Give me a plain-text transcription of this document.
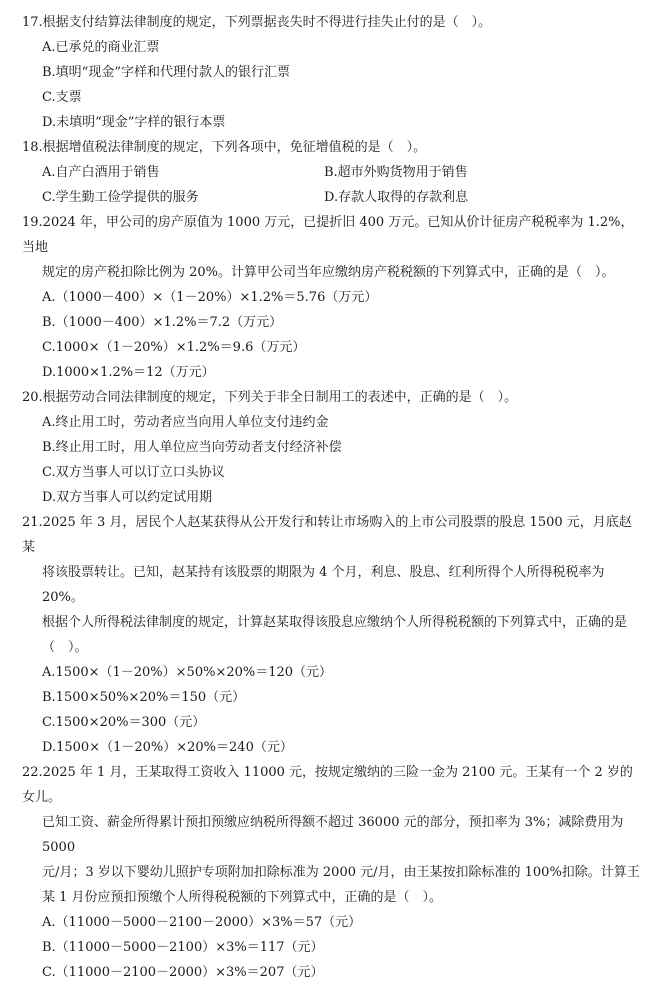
17.根据支付结算法律制度的规定，下列票据丧失时不得进行挂失止付的是（　）。
A.已承兑的商业汇票
B.填明“现金”字样和代理付款人的银行汇票
C.支票
D.未填明“现金”字样的银行本票
18.根据增值税法律制度的规定，下列各项中，免征增值税的是（　）。
A.自产白酒用于销售	B.超市外购货物用于销售
C.学生勤工俭学提供的服务	D.存款人取得的存款利息
19.2024 年，甲公司的房产原值为 1000 万元，已提折旧 400 万元。已知从价计征房产税税率为 1.2%，当地
规定的房产税扣除比例为 20%。计算甲公司当年应缴纳房产税税额的下列算式中，正确的是（　）。
A.（1000－400）×（1－20%）×1.2%＝5.76（万元）
B.（1000－400）×1.2%＝7.2（万元）
C.1000×（1－20%）×1.2%＝9.6（万元）
D.1000×1.2%＝12（万元）
20.根据劳动合同法律制度的规定，下列关于非全日制用工的表述中，正确的是（　）。
A.终止用工时，劳动者应当向用人单位支付违约金
B.终止用工时，用人单位应当向劳动者支付经济补偿
C.双方当事人可以订立口头协议
D.双方当事人可以约定试用期
21.2025 年 3 月，居民个人赵某获得从公开发行和转让市场购入的上市公司股票的股息 1500 元，月底赵某
将该股票转让。已知，赵某持有该股票的期限为 4 个月，利息、股息、红利所得个人所得税税率为 20%。
根据个人所得税法律制度的规定，计算赵某取得该股息应缴纳个人所得税税额的下列算式中，正确的是
（　）。
A.1500×（1－20%）×50%×20%＝120（元）
B.1500×50%×20%＝150（元）
C.1500×20%＝300（元）
D.1500×（1－20%）×20%＝240（元）
22.2025 年 1 月，王某取得工资收入 11000 元，按规定缴纳的三险一金为 2100 元。王某有一个 2 岁的女儿。
已知工资、薪金所得累计预扣预缴应纳税所得额不超过 36000 元的部分，预扣率为 3%；减除费用为 5000
元/月；3 岁以下婴幼儿照护专项附加扣除标准为 2000 元/月，由王某按扣除标准的 100%扣除。计算王
某 1 月份应预扣预缴个人所得税税额的下列算式中，正确的是（　）。
A.（11000－5000－2100－2000）×3%＝57（元）
B.（11000－5000－2100）×3%＝117（元）
C.（11000－2100－2000）×3%＝207（元）
